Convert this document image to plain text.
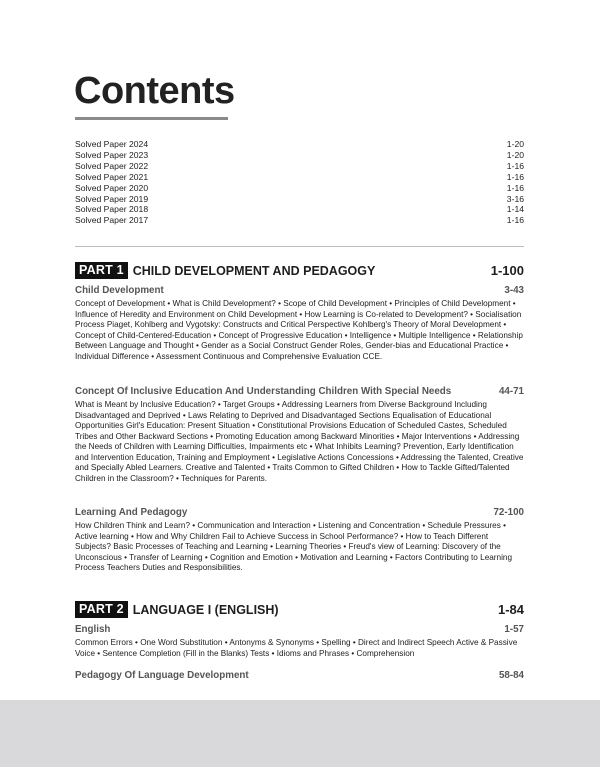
Contents
Solved Paper 2024	1-20
Solved Paper 2023	1-20
Solved Paper 2022	1-16
Solved Paper 2021	1-16
Solved Paper 2020	1-16
Solved Paper 2019	3-16
Solved Paper 2018	1-14
Solved Paper 2017	1-16
PART 1 CHILD DEVELOPMENT AND PEDAGOGY	1-100
Child Development	3-43
Concept of Development • What is Child Development? • Scope of Child Development • Principles of Child Development • Influence of Heredity and Environment on Child Development • How Learning is Co-related to Development? • Socialisation Process Piaget, Kohlberg and Vygotsky: Constructs and Critical Perspective Kohlberg's Theory of Moral Development • Concept of Child-Centered-Education • Concept of Progressive Education • Intelligence • Multiple Intelligence • Relationship Between Language and Thought • Gender as a Social Construct Gender Roles, Gender-bias and Educational Practice • Individual Difference • Assessment Continuous and Comprehensive Evaluation CCE.
Concept Of Inclusive Education And Understanding Children With Special Needs	44-71
What is Meant by Inclusive Education? • Target Groups • Addressing Learners from Diverse Background Including Disadvantaged and Deprived • Laws Relating to Deprived and Disadvantaged Sections Equalisation of Educational Opportunities Girl's Education: Present Situation • Constitutional Provisions Education of Scheduled Castes, Scheduled Tribes and Other Backward Sections • Promoting Education among Backward Minorities • Major Interventions • Addressing the Needs of Children with Learning Difficulties, Impairments etc • What Inhibits Learning? Prevention, Early Identification and Intervention Education, Training and Employment • Legislative Actions Concessions • Addressing the Talented, Creative and Specially Abled Learners. Creative and Talented • Traits Common to Gifted Children • How to Tackle Gifted/Talented Children in the Classroom? • Techniques for Parents.
Learning And Pedagogy	72-100
How Children Think and Learn? • Communication and Interaction • Listening and Concentration • Schedule Pressures • Active learning • How and Why Children Fail to Achieve Success in School Performance? • How to Teach Different Subjects? Basic Processes of Teaching and Learning • Learning Theories • Freud's view of Learning: Discovery of the Unconscious • Transfer of Learning • Cognition and Emotion • Motivation and Learning • Factors Contributing to Learning Process Teachers Duties and Responsibilities.
PART 2 LANGUAGE I (ENGLISH)	1-84
English	1-57
Common Errors • One Word Substitution • Antonyms & Synonyms • Spelling • Direct and Indirect Speech Active & Passive Voice • Sentence Completion (Fill in the Blanks) Tests • Idioms and Phrases • Comprehension
Pedagogy Of Language Development	58-84
